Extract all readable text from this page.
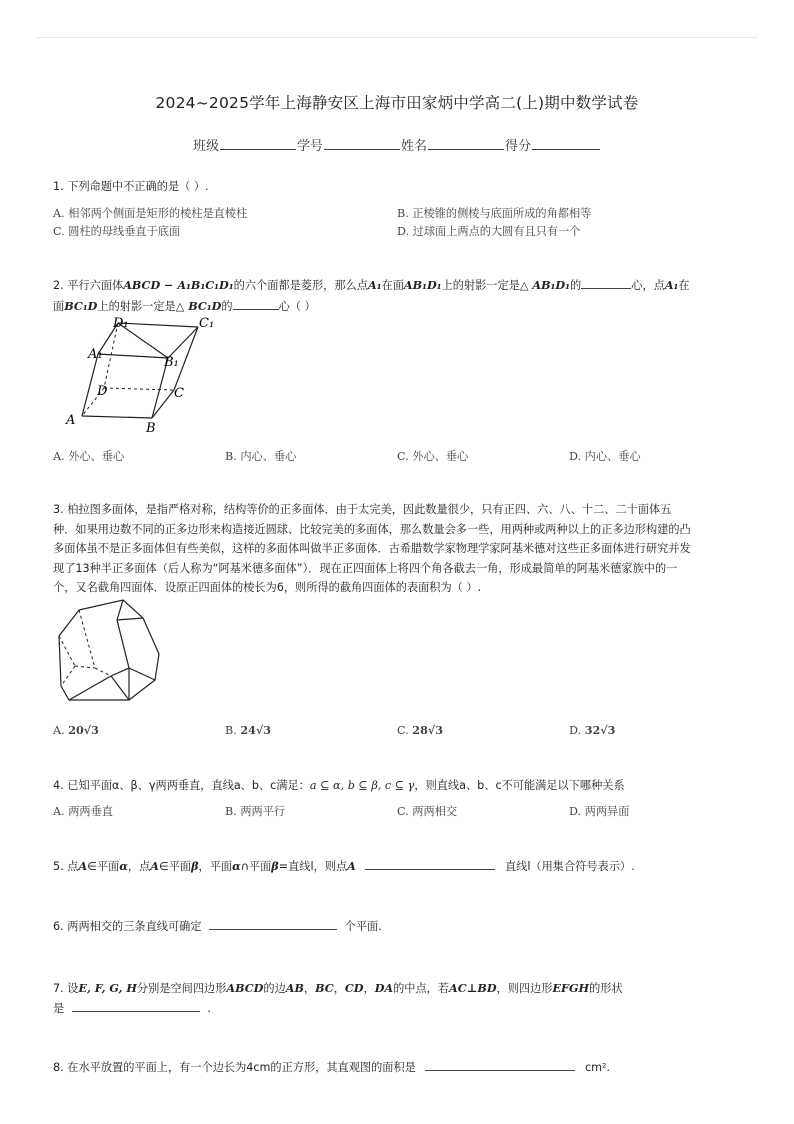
2024~2025学年上海静安区上海市田家炳中学高二(上)期中数学试卷
班级	学号	姓名	得分
1. 下列命题中不正确的是（ ）.
A. 相邻两个侧面是矩形的棱柱是直棱柱	B. 正棱锥的侧棱与底面所成的角都相等
C. 圆柱的母线垂直于底面	D. 过球面上两点的大圆有且只有一个
2. 平行六面体ABCD − A₁B₁C₁D₁的六个面都是菱形，那么点A₁在面AB₁D₁上的射影一定是△ AB₁D₁的	心，点A₁在
面BC₁D上的射影一定是△ BC₁D的	心（ ）
D₁	C₁
A₁
B₁
D	C
A
B
A. 外心、垂心	B. 内心、垂心	C. 外心、垂心	D. 内心、垂心
3. 柏拉图多面体，是指严格对称，结构等价的正多面体．由于太完美，因此数量很少，只有正四、六、八、十二、二十面体五
种．如果用边数不同的正多边形来构造接近圆球、比较完美的多面体，那么数量会多一些，用两种或两种以上的正多边形构建的凸
多面体虽不是正多面体但有些美似，这样的多面体叫做半正多面体．古希腊数学家物理学家阿基米德对这些正多面体进行研究并发
现了13种半正多面体（后人称为“阿基米德多面体”）．现在正四面体上将四个角各截去一角，形成最简单的阿基米德家族中的一
个，又名截角四面体．设原正四面体的棱长为6，则所得的截角四面体的表面积为（ ）.
A. 20√3	B. 24√3	C. 28√3	D. 32√3
4. 已知平面α、β、γ两两垂直，直线a、b、c满足：a ⊆ α, b ⊆ β, c ⊆ γ，则直线a、b、c不可能满足以下哪种关系
A. 两两垂直	B. 两两平行	C. 两两相交	D. 两两异面
5. 点A∈平面α，点A∈平面β，平面α∩平面β=直线l，则点A	直线l（用集合符号表示）.
6. 两两相交的三条直线可确定	个平面.
7. 设E, F, G, H分别是空间四边形ABCD的边AB，BC，CD，DA的中点，若AC⊥BD，则四边形EFGH的形状
是	.
8. 在水平放置的平面上，有一个边长为4cm的正方形，其直观图的面积是	cm².
